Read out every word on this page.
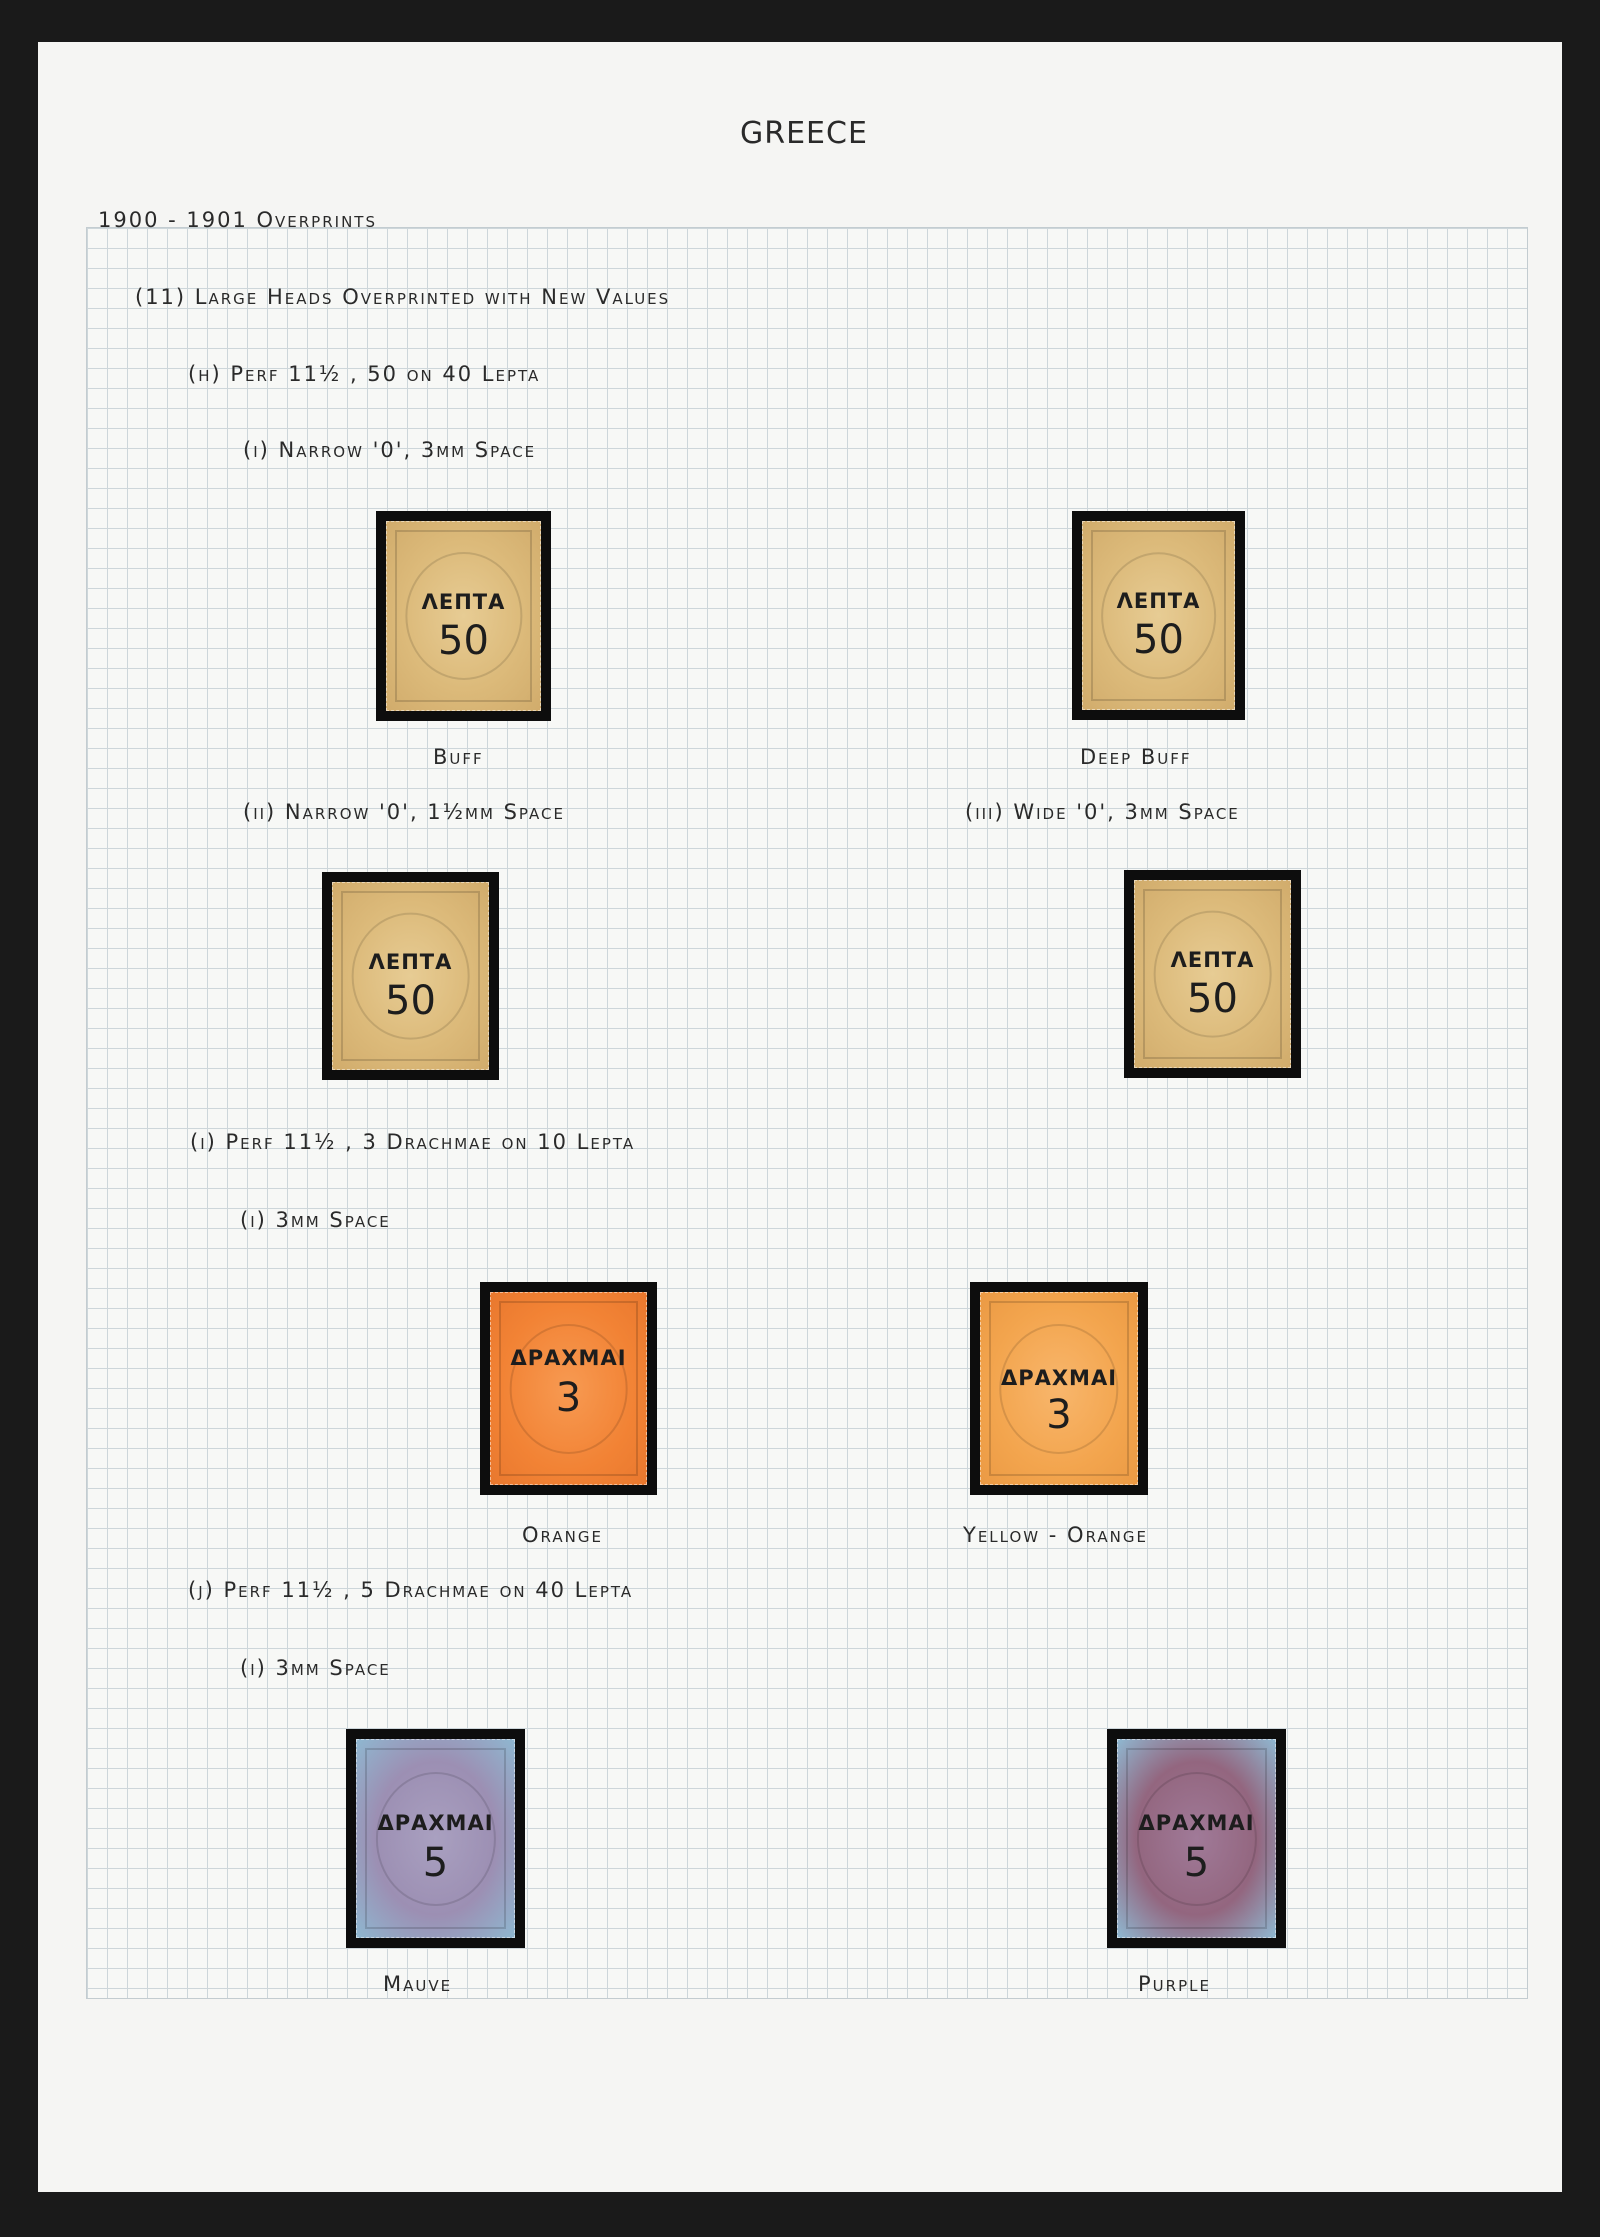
GREECE
1900 - 1901 Overprints
(11) Large Heads Overprinted with New Values
(h) Perf 11½ , 50 on 40 Lepta
(i) Narrow '0', 3mm Space
ΛΕΠΤΑ
50
ΛΕΠΤΑ
50
Buff	Deep Buff
(ii) Narrow '0', 1½mm Space	(iii) Wide '0', 3mm Space
ΛΕΠΤΑ
50
ΛΕΠΤΑ
50
(i) Perf 11½ , 3 Drachmae on 10 Lepta
(i) 3mm Space
ΔΡΑΧΜΑΙ
3	ΔΡΑΧΜΑΙ
3
Orange	Yellow - Orange
(j) Perf 11½ , 5 Drachmae on 40 Lepta
(i) 3mm Space
ΔΡΑΧΜΑΙ
5
ΔΡΑΧΜΑΙ
5
Mauve	Purple
